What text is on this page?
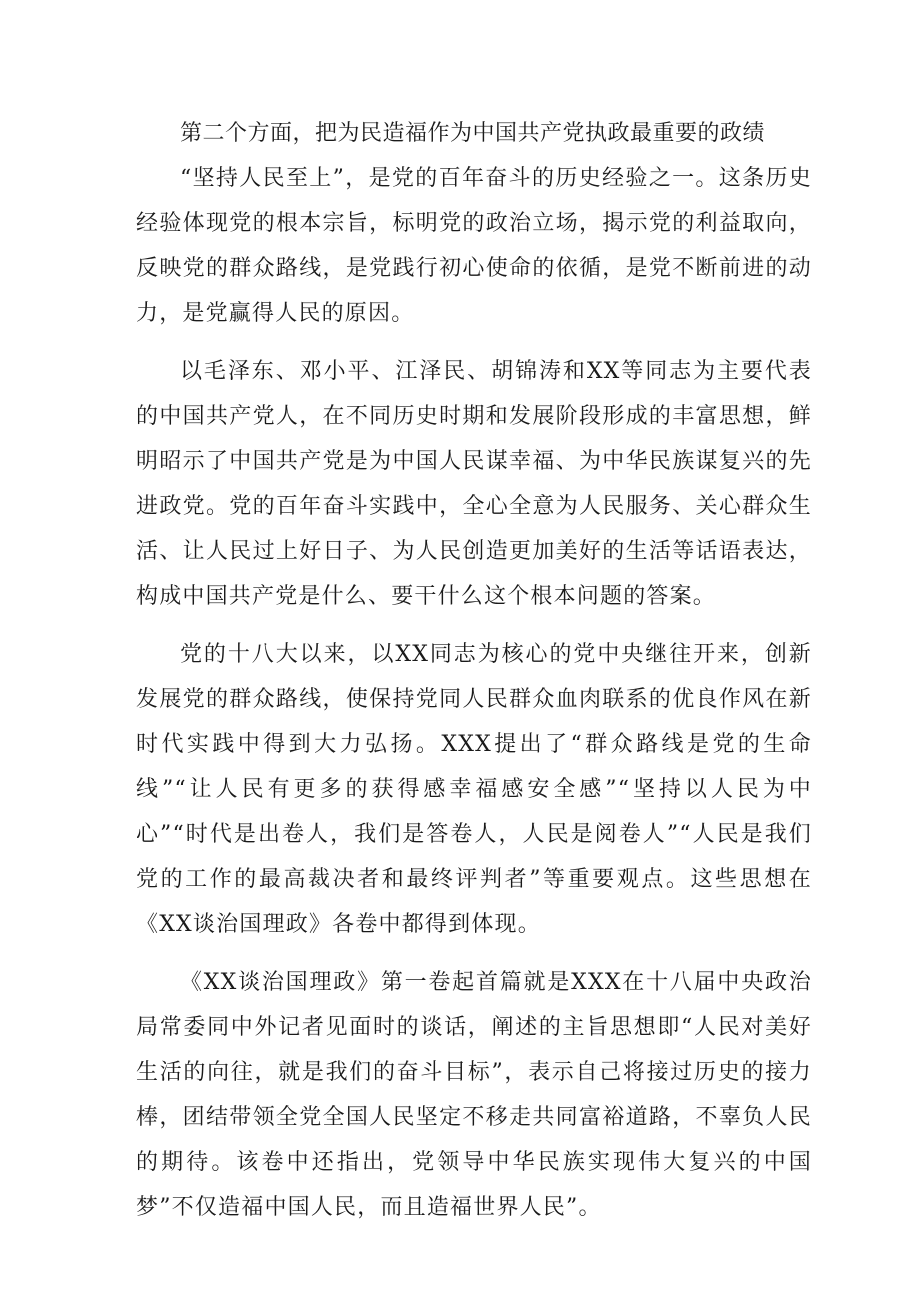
第二个方面，把为民造福作为中国共产党执政最重要的政绩

“坚持人民至上”，是党的百年奋斗的历史经验之一。这条历史经验体现党的根本宗旨，标明党的政治立场，揭示党的利益取向，反映党的群众路线，是党践行初心使命的依循，是党不断前进的动力，是党赢得人民的原因。

以毛泽东、邓小平、江泽民、胡锦涛和XX等同志为主要代表的中国共产党人，在不同历史时期和发展阶段形成的丰富思想，鲜明昭示了中国共产党是为中国人民谋幸福、为中华民族谋复兴的先进政党。党的百年奋斗实践中，全心全意为人民服务、关心群众生活、让人民过上好日子、为人民创造更加美好的生活等话语表达，构成中国共产党是什么、要干什么这个根本问题的答案。

党的十八大以来，以XX同志为核心的党中央继往开来，创新发展党的群众路线，使保持党同人民群众血肉联系的优良作风在新时代实践中得到大力弘扬。XXX提出了“群众路线是党的生命线”“让人民有更多的获得感幸福感安全感”“坚持以人民为中心”“时代是出卷人，我们是答卷人，人民是阅卷人”“人民是我们党的工作的最高裁决者和最终评判者”等重要观点。这些思想在《XX谈治国理政》各卷中都得到体现。

《XX谈治国理政》第一卷起首篇就是XXX在十八届中央政治局常委同中外记者见面时的谈话，阐述的主旨思想即“人民对美好生活的向往，就是我们的奋斗目标”，表示自己将接过历史的接力棒，团结带领全党全国人民坚定不移走共同富裕道路，不辜负人民的期待。该卷中还指出，党领导中华民族实现伟大复兴的中国梦”不仅造福中国人民，而且造福世界人民”。
